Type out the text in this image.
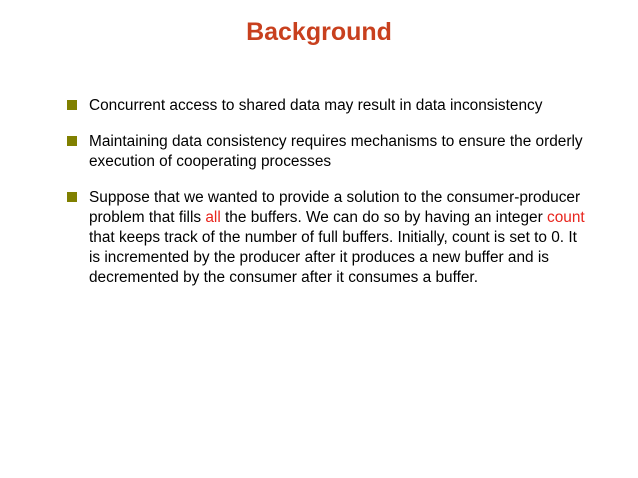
Background
Concurrent access to shared data may result in data inconsistency
Maintaining data consistency requires mechanisms to ensure the orderly execution of cooperating processes
Suppose that we wanted to provide a solution to the consumer-producer problem that fills all the buffers. We can do so by having an integer count that keeps track of the number of full buffers. Initially, count is set to 0. It is incremented by the producer after it produces a new buffer and is decremented by the consumer after it consumes a buffer.
